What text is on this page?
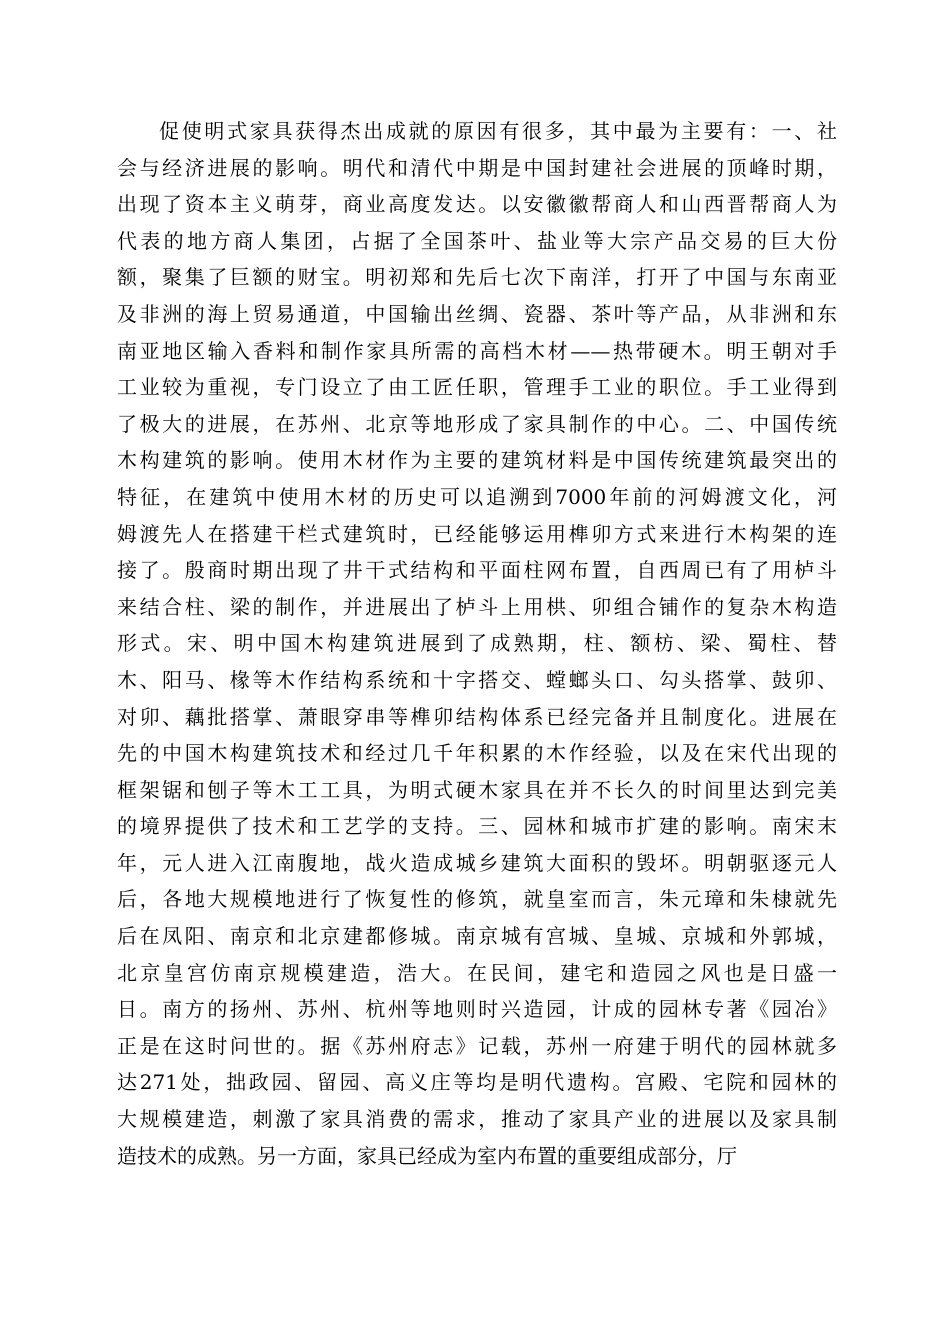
促使明式家具获得杰出成就的原因有很多，其中最为主要有：一、社
会与经济进展的影响。明代和清代中期是中国封建社会进展的顶峰时期，
出现了资本主义萌芽，商业高度发达。以安徽徽帮商人和山西晋帮商人为
代表的地方商人集团，占据了全国茶叶、盐业等大宗产品交易的巨大份
额，聚集了巨额的财宝。明初郑和先后七次下南洋，打开了中国与东南亚
及非洲的海上贸易通道，中国输出丝绸、瓷器、茶叶等产品，从非洲和东
南亚地区输入香料和制作家具所需的高档木材——热带硬木。明王朝对手
工业较为重视，专门设立了由工匠任职，管理手工业的职位。手工业得到
了极大的进展，在苏州、北京等地形成了家具制作的中心。二、中国传统
木构建筑的影响。使用木材作为主要的建筑材料是中国传统建筑最突出的
特征，在建筑中使用木材的历史可以追溯到7000年前的河姆渡文化，河
姆渡先人在搭建干栏式建筑时，已经能够运用榫卯方式来进行木构架的连
接了。殷商时期出现了井干式结构和平面柱网布置，自西周已有了用栌斗
来结合柱、梁的制作，并进展出了栌斗上用栱、卯组合铺作的复杂木构造
形式。宋、明中国木构建筑进展到了成熟期，柱、额枋、梁、蜀柱、替
木、阳马、椽等木作结构系统和十字搭交、螳螂头口、勾头搭掌、鼓卯、
对卯、藕批搭掌、萧眼穿串等榫卯结构体系已经完备并且制度化。进展在
先的中国木构建筑技术和经过几千年积累的木作经验，以及在宋代出现的
框架锯和刨子等木工工具，为明式硬木家具在并不长久的时间里达到完美
的境界提供了技术和工艺学的支持。三、园林和城市扩建的影响。南宋末
年，元人进入江南腹地，战火造成城乡建筑大面积的毁坏。明朝驱逐元人
后，各地大规模地进行了恢复性的修筑，就皇室而言，朱元璋和朱棣就先
后在凤阳、南京和北京建都修城。南京城有宫城、皇城、京城和外郭城，
北京皇宫仿南京规模建造，浩大。在民间，建宅和造园之风也是日盛一
日。南方的扬州、苏州、杭州等地则时兴造园，计成的园林专著《园冶》
正是在这时问世的。据《苏州府志》记载，苏州一府建于明代的园林就多
达271处，拙政园、留园、高义庄等均是明代遗构。宫殿、宅院和园林的
大规模建造，刺激了家具消费的需求，推动了家具产业的进展以及家具制
造技术的成熟。另一方面，家具已经成为室内布置的重要组成部分，厅
